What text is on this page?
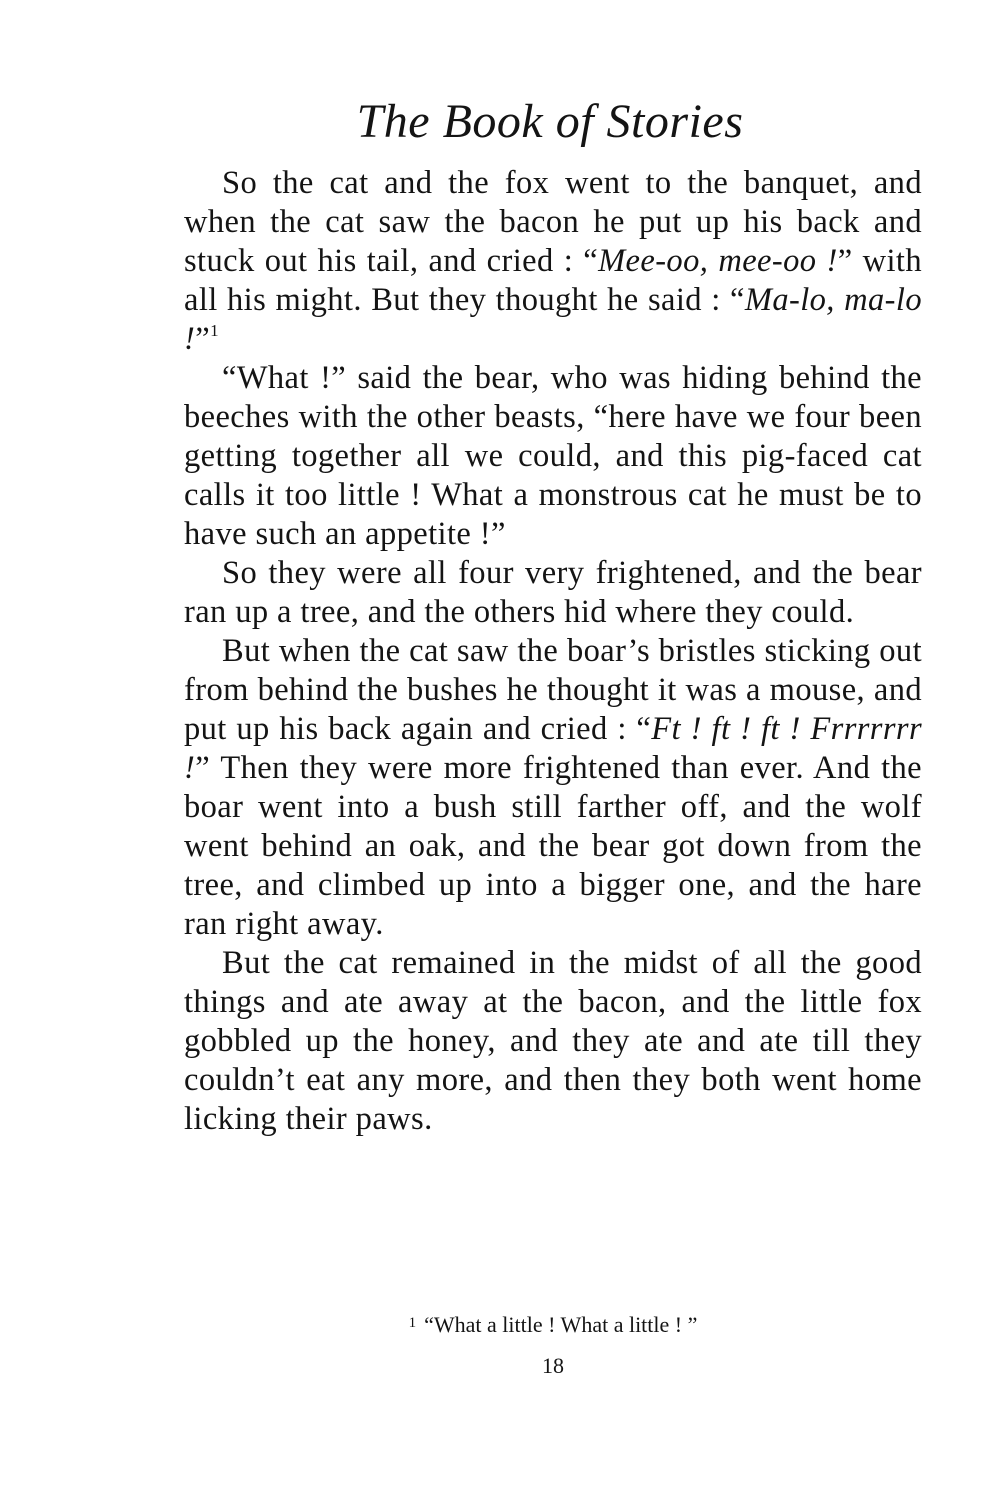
The Book of Stories

So the cat and the fox went to the banquet, and when the cat saw the bacon he put up his back and stuck out his tail, and cried : “Mee-oo, mee-oo !” with all his might. But they thought he said : “Ma-lo, ma-lo !”$^1$

“What !” said the bear, who was hiding behind the beeches with the other beasts, “here have we four been getting together all we could, and this pig-faced cat calls it too little ! What a monstrous cat he must be to have such an appetite !”

So they were all four very frightened, and the bear ran up a tree, and the others hid where they could.

But when the cat saw the boar’s bristles sticking out from behind the bushes he thought it was a mouse, and put up his back again and cried : “Ft ! ft ! ft ! Frrrrrrr !” Then they were more frightened than ever. And the boar went into a bush still farther off, and the wolf went behind an oak, and the bear got down from the tree, and climbed up into a bigger one, and the hare ran right away.

But the cat remained in the midst of all the good things and ate away at the bacon, and the little fox gobbled up the honey, and they ate and ate till they couldn’t eat any more, and then they both went home licking their paws.

$^1$ “What a little ! What a little ! ”
18
